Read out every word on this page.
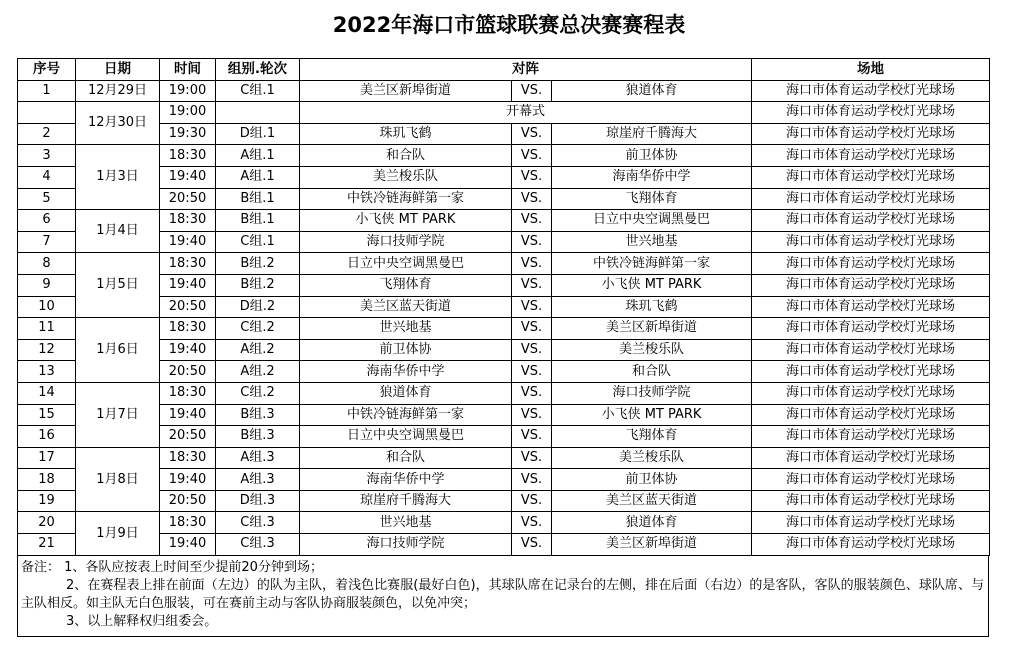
2022年海口市篮球联赛总决赛赛程表
序号	日期	时间	组别.轮次	对阵			场地
1	12月29日	19:00	C组.1	美兰区新埠街道	VS.	狼道体育	海口市体育运动学校灯光球场
	12月30日	19:00		开幕式			海口市体育运动学校灯光球场
2		19:30	D组.1	珠玑飞鹤	VS.	琼崖府千腾海大	海口市体育运动学校灯光球场
3	1月3日	18:30	A组.1	和合队	VS.	前卫体协	海口市体育运动学校灯光球场
4		19:40	A组.1	美兰梭乐队	VS.	海南华侨中学	海口市体育运动学校灯光球场
5		20:50	B组.1	中铁冷链海鲜第一家	VS.	飞翔体育	海口市体育运动学校灯光球场
6	1月4日	18:30	B组.1	小飞侠 MT PARK	VS.	日立中央空调黑曼巴	海口市体育运动学校灯光球场
7		19:40	C组.1	海口技师学院	VS.	世兴地基	海口市体育运动学校灯光球场
8	1月5日	18:30	B组.2	日立中央空调黑曼巴	VS.	中铁冷链海鲜第一家	海口市体育运动学校灯光球场
9		19:40	B组.2	飞翔体育	VS.	小飞侠 MT PARK	海口市体育运动学校灯光球场
10		20:50	D组.2	美兰区蓝天街道	VS.	珠玑飞鹤	海口市体育运动学校灯光球场
11	1月6日	18:30	C组.2	世兴地基	VS.	美兰区新埠街道	海口市体育运动学校灯光球场
12		19:40	A组.2	前卫体协	VS.	美兰梭乐队	海口市体育运动学校灯光球场
13		20:50	A组.2	海南华侨中学	VS.	和合队	海口市体育运动学校灯光球场
14	1月7日	18:30	C组.2	狼道体育	VS.	海口技师学院	海口市体育运动学校灯光球场
15		19:40	B组.3	中铁冷链海鲜第一家	VS.	小飞侠 MT PARK	海口市体育运动学校灯光球场
16		20:50	B组.3	日立中央空调黑曼巴	VS.	飞翔体育	海口市体育运动学校灯光球场
17	1月8日	18:30	A组.3	和合队	VS.	美兰梭乐队	海口市体育运动学校灯光球场
18		19:40	A组.3	海南华侨中学	VS.	前卫体协	海口市体育运动学校灯光球场
19		20:50	D组.3	琼崖府千腾海大	VS.	美兰区蓝天街道	海口市体育运动学校灯光球场
20	1月9日	18:30	C组.3	世兴地基	VS.	狼道体育	海口市体育运动学校灯光球场
21		19:40	C组.3	海口技师学院	VS.	美兰区新埠街道	海口市体育运动学校灯光球场
备注： 1、各队应按表上时间至少提前20分钟到场；
2、在赛程表上排在前面（左边）的队为主队，着浅色比赛服(最好白色)，其球队席在记录台的左侧，排在后面（右边）的是客队，客队的服装颜色、球队席、与主队相反。如主队无白色服装，可在赛前主动与客队协商服装颜色，以免冲突；
3、以上解释权归组委会。
